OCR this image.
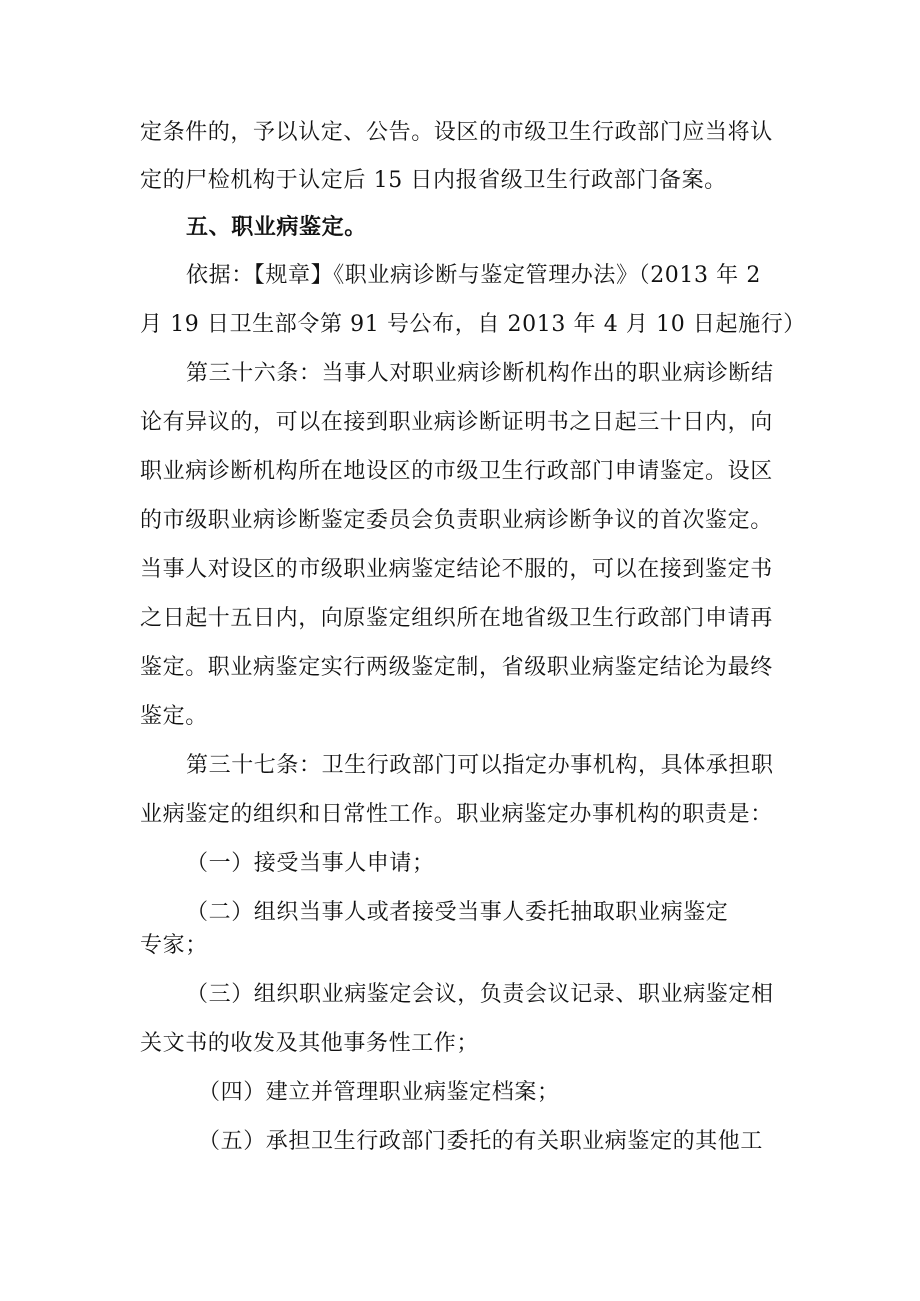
定条件的，予以认定、公告。设区的市级卫生行政部门应当将认
定的尸检机构于认定后 15 日内报省级卫生行政部门备案。
五、职业病鉴定。
依据：【规章】《职业病诊断与鉴定管理办法》（2013 年 2
月 19 日卫生部令第 91 号公布，自 2013 年 4 月 10 日起施行）
第三十六条：当事人对职业病诊断机构作出的职业病诊断结
论有异议的，可以在接到职业病诊断证明书之日起三十日内，向
职业病诊断机构所在地设区的市级卫生行政部门申请鉴定。设区
的市级职业病诊断鉴定委员会负责职业病诊断争议的首次鉴定。
当事人对设区的市级职业病鉴定结论不服的，可以在接到鉴定书
之日起十五日内，向原鉴定组织所在地省级卫生行政部门申请再
鉴定。职业病鉴定实行两级鉴定制，省级职业病鉴定结论为最终
鉴定。
第三十七条：卫生行政部门可以指定办事机构，具体承担职
业病鉴定的组织和日常性工作。职业病鉴定办事机构的职责是：
（一）接受当事人申请；
（二）组织当事人或者接受当事人委托抽取职业病鉴定
专家；
（三）组织职业病鉴定会议，负责会议记录、职业病鉴定相
关文书的收发及其他事务性工作；
（四）建立并管理职业病鉴定档案；
（五）承担卫生行政部门委托的有关职业病鉴定的其他工
